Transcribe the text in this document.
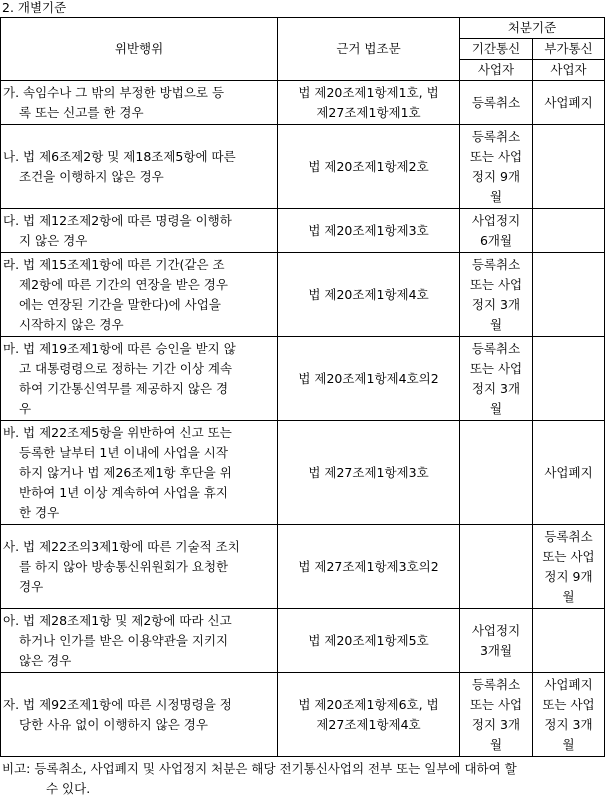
2. 개별기준
위반행위	근거 법조문	처분기준	
		기간통신	부가통신
		사업자	사업자

가. 속임수나 그 밖의 부정한 방법으로 등
록 또는 신고를 한 경우	법 제20조제1항제1호, 법
제27조제1항제1호	등록취소	사업폐지

나. 법 제6조제2항 및 제18조제5항에 따른
조건을 이행하지 않은 경우	법 제20조제1항제2호	등록취소
또는 사업
정지 9개
월	

다. 법 제12조제2항에 따른 명령을 이행하
지 않은 경우	법 제20조제1항제3호	사업정지
6개월	

라. 법 제15조제1항에 따른 기간(같은 조
제2항에 따른 기간의 연장을 받은 경우
에는 연장된 기간을 말한다)에 사업을
시작하지 않은 경우	법 제20조제1항제4호	등록취소
또는 사업
정지 3개
월	

마. 법 제19조제1항에 따른 승인을 받지 않
고 대통령령으로 정하는 기간 이상 계속
하여 기간통신역무를 제공하지 않은 경
우	법 제20조제1항제4호의2	등록취소
또는 사업
정지 3개
월	

바. 법 제22조제5항을 위반하여 신고 또는
등록한 날부터 1년 이내에 사업을 시작
하지 않거나 법 제26조제1항 후단을 위
반하여 1년 이상 계속하여 사업을 휴지
한 경우	법 제27조제1항제3호		사업폐지

사. 법 제22조의3제1항에 따른 기술적 조치
를 하지 않아 방송통신위원회가 요청한
경우	법 제27조제1항제3호의2		등록취소
또는 사업
정지 9개
월

아. 법 제28조제1항 및 제2항에 따라 신고
하거나 인가를 받은 이용약관을 지키지
않은 경우	법 제20조제1항제5호	사업정지
3개월	

자. 법 제92조제1항에 따른 시정명령을 정
당한 사유 없이 이행하지 않은 경우	법 제20조제1항제6호, 법
제27조제1항제4호	등록취소
또는 사업
정지 3개
월	사업폐지
또는 사업
정지 3개
월
비고: 등록취소, 사업폐지 및 사업정지 처분은 해당 전기통신사업의 전부 또는 일부에 대하여 할
수 있다.
